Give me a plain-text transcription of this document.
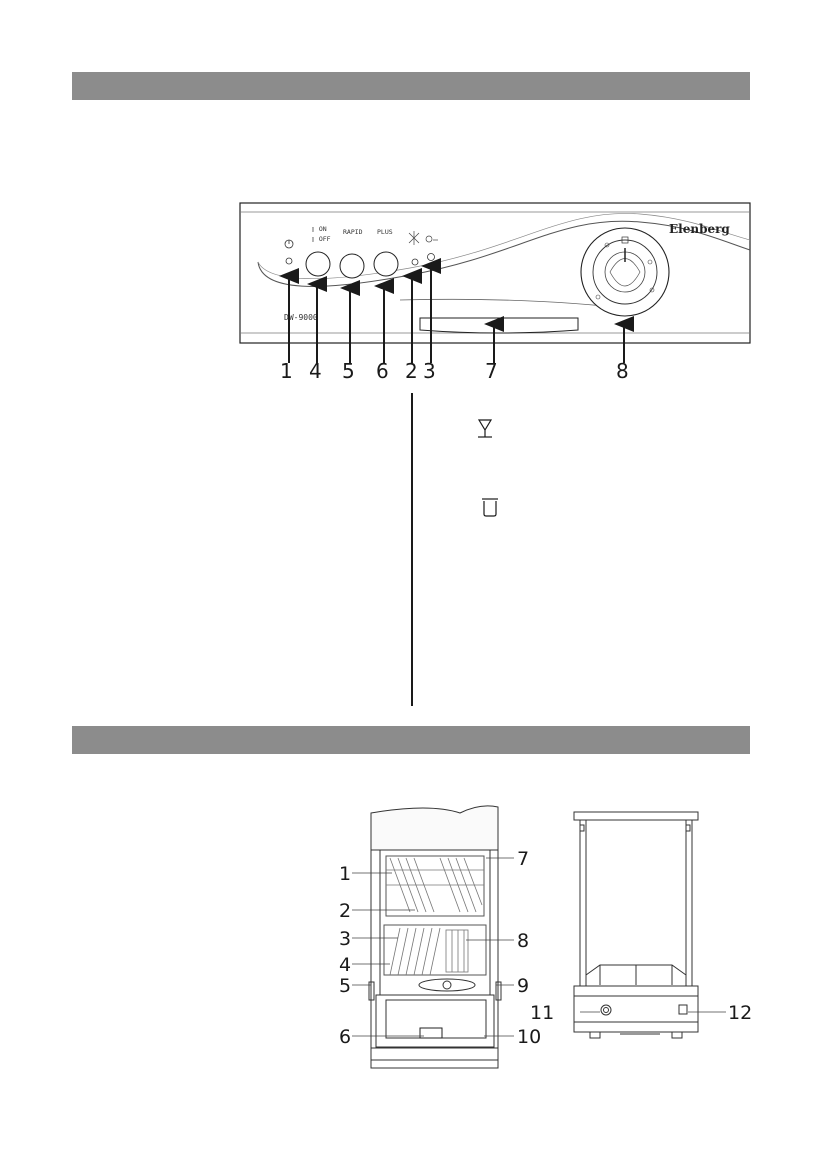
▯ ON
▯ OFF
RAPID PLUS	Elenberg
DW-9000
1 4 5 6 2 3 7	8
1
2
3
4
5
6
7
8
9
10
11	12
